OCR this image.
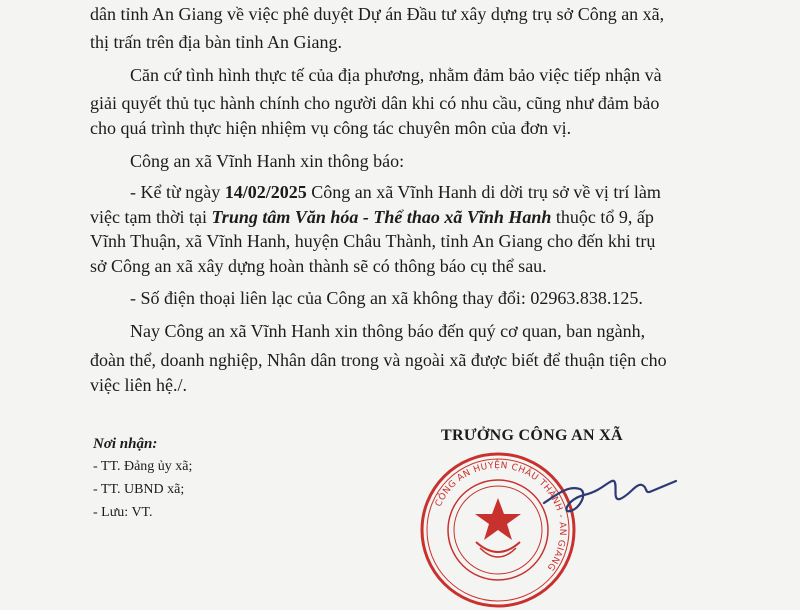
dân tỉnh An Giang về việc phê duyệt Dự án Đầu tư xây dựng trụ sở Công an xã,
thị trấn trên địa bàn tỉnh An Giang.
Căn cứ tình hình thực tế của địa phương, nhằm đảm bảo việc tiếp nhận và
giải quyết thủ tục hành chính cho người dân khi có nhu cầu, cũng như đảm bảo
cho quá trình thực hiện nhiệm vụ công tác chuyên môn của đơn vị.
Công an xã Vĩnh Hanh xin thông báo:
- Kể từ ngày 14/02/2025 Công an xã Vĩnh Hanh di dời trụ sở về vị trí làm
việc tạm thời tại Trung tâm Văn hóa - Thể thao xã Vĩnh Hanh thuộc tổ 9, ấp
Vĩnh Thuận, xã Vĩnh Hanh, huyện Châu Thành, tỉnh An Giang cho đến khi trụ
sở Công an xã xây dựng hoàn thành sẽ có thông báo cụ thể sau.
- Số điện thoại liên lạc của Công an xã không thay đổi: 02963.838.125.
Nay Công an xã Vĩnh Hanh xin thông báo đến quý cơ quan, ban ngành,
đoàn thể, doanh nghiệp, Nhân dân trong và ngoài xã được biết để thuận tiện cho
việc liên hệ./.
Nơi nhận:
- TT. Đảng ủy xã;
- TT. UBND xã;
- Lưu: VT.
TRƯỞNG CÔNG AN XÃ
CÔNG AN HUYỆN CHÂU THÀNH - AN GIANG
